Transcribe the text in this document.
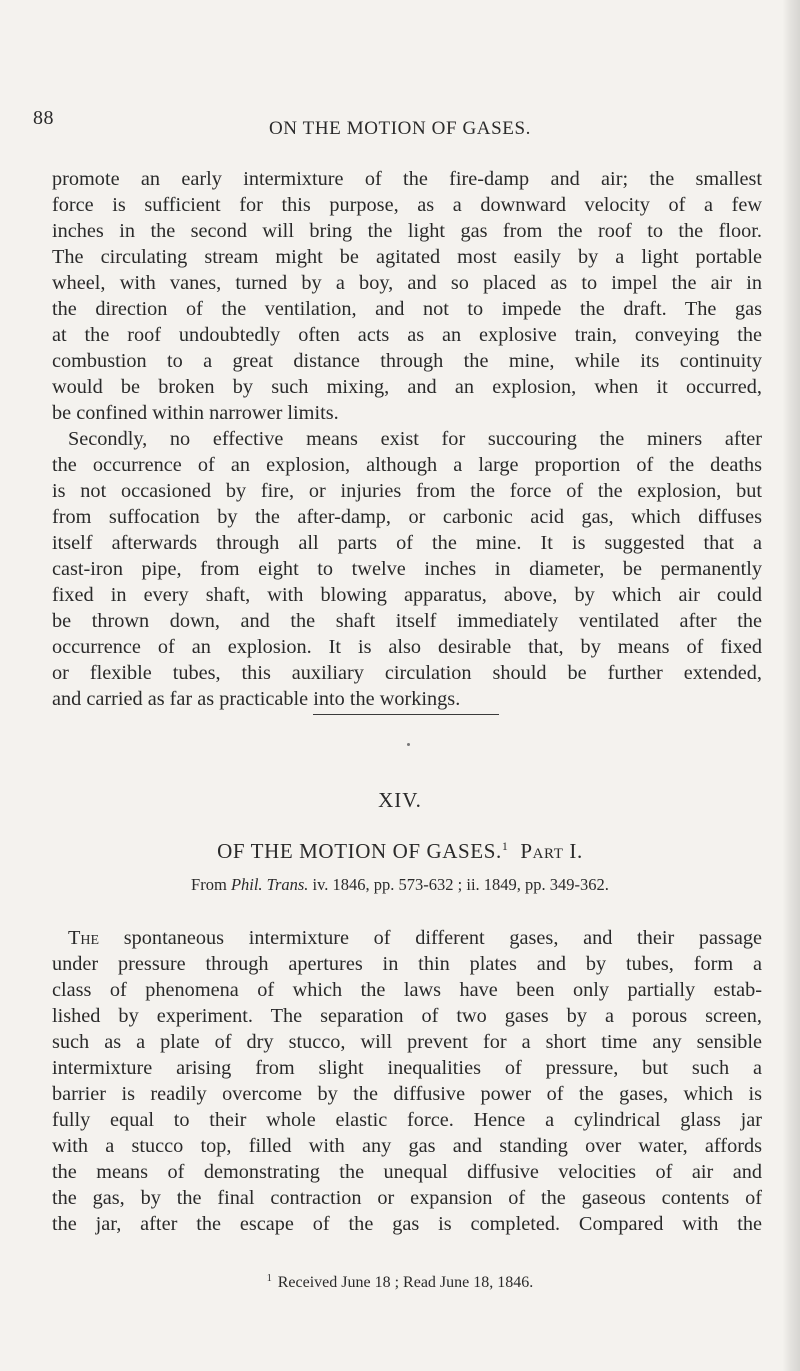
88	ON THE MOTION OF GASES.
promote an early intermixture of the fire-damp and air; the smallest
force is sufficient for this purpose, as a downward velocity of a few
inches in the second will bring the light gas from the roof to the floor.
The circulating stream might be agitated most easily by a light portable
wheel, with vanes, turned by a boy, and so placed as to impel the air in
the direction of the ventilation, and not to impede the draft. The gas
at the roof undoubtedly often acts as an explosive train, conveying the
combustion to a great distance through the mine, while its continuity
would be broken by such mixing, and an explosion, when it occurred,
be confined within narrower limits.
Secondly, no effective means exist for succouring the miners after
the occurrence of an explosion, although a large proportion of the deaths
is not occasioned by fire, or injuries from the force of the explosion, but
from suffocation by the after-damp, or carbonic acid gas, which diffuses
itself afterwards through all parts of the mine. It is suggested that a
cast-iron pipe, from eight to twelve inches in diameter, be permanently
fixed in every shaft, with blowing apparatus, above, by which air could
be thrown down, and the shaft itself immediately ventilated after the
occurrence of an explosion. It is also desirable that, by means of fixed
or flexible tubes, this auxiliary circulation should be further extended,
and carried as far as practicable into the workings.
XIV.
OF THE MOTION OF GASES.$^1$ Part I.
From Phil. Trans. iv. 1846, pp. 573-632 ; ii. 1849, pp. 349-362.
The spontaneous intermixture of different gases, and their passage
under pressure through apertures in thin plates and by tubes, form a
class of phenomena of which the laws have been only partially estab-
lished by experiment. The separation of two gases by a porous screen,
such as a plate of dry stucco, will prevent for a short time any sensible
intermixture arising from slight inequalities of pressure, but such a
barrier is readily overcome by the diffusive power of the gases, which is
fully equal to their whole elastic force. Hence a cylindrical glass jar
with a stucco top, filled with any gas and standing over water, affords
the means of demonstrating the unequal diffusive velocities of air and
the gas, by the final contraction or expansion of the gaseous contents of
the jar, after the escape of the gas is completed. Compared with the
$^1$ Received June 18 ; Read June 18, 1846.
